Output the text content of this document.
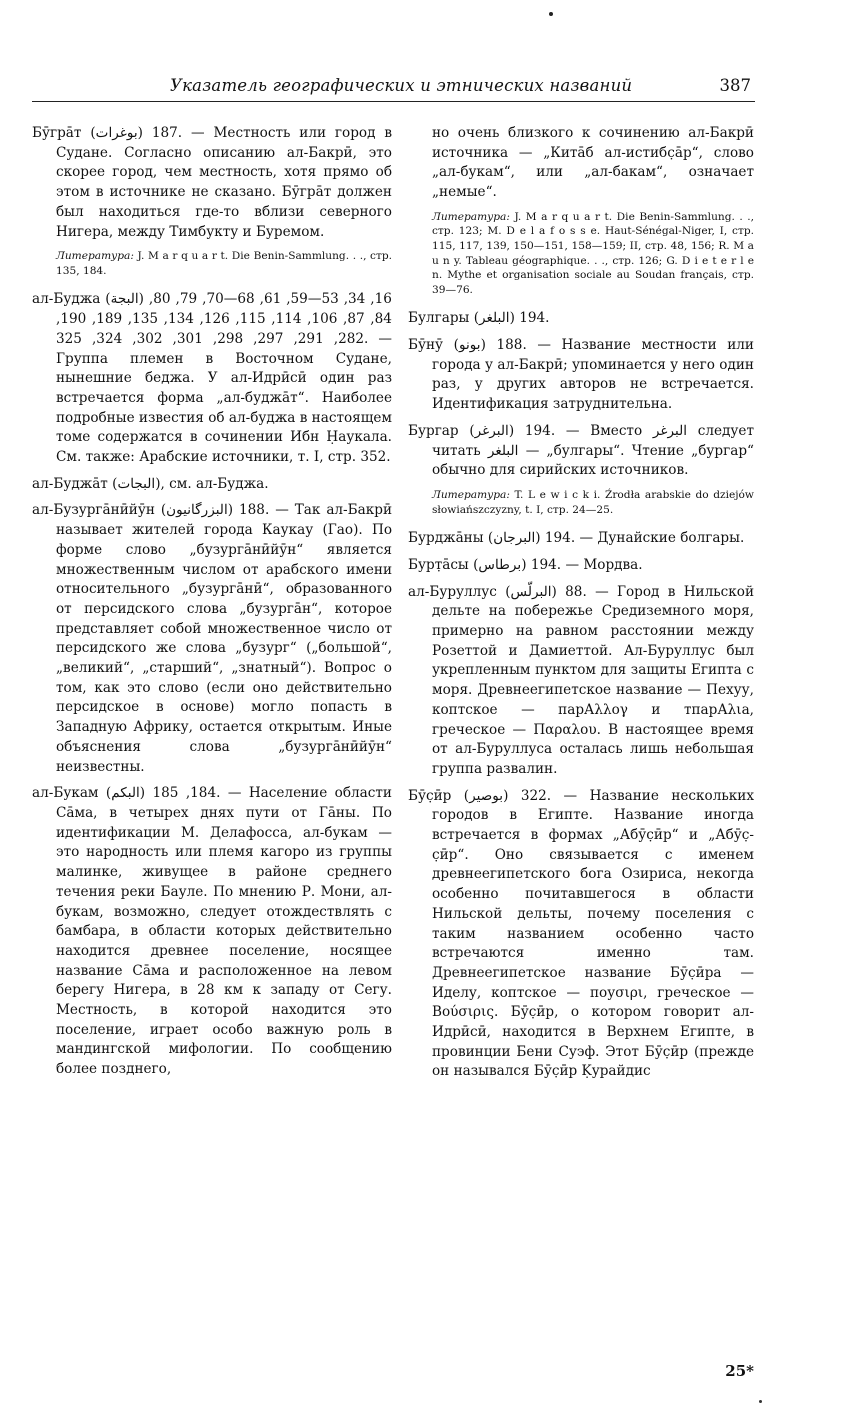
Указатель географических и этнических названий	387

Бӯгра̄т (بوغرات) 187. — Местность или город в Судане. Согласно описанию ал-Бакрӣ, это скорее город, чем местность, хотя прямо об этом в источнике не сказано. Бӯгра̄т должен был находиться где-то вблизи северного Нигера, между Тимбукту и Буремом.

Литература: J. M a r q u a r t. Die Benin-Sammlung. . ., стр. 135, 184.

ал-Буджа (البجة) 16, 34, 53—59, 61, 68—70, 79, 80, 84, 87, 106, 114, 115, 126, 134, 135, 189, 190, 282, 291, 297, 298, 301, 302, 324, 325. — Группа племен в Восточном Судане, нынешние беджа. У ал-Идрӣсӣ один раз встречается форма „ал-буджа̄т“. Наиболее подробные известия об ал-буджа в настоящем томе содержатся в сочинении Ибн Ḥаукала. См. также: Арабские источники, т. I, стр. 352.

ал-Буджа̄т (البجات), см. ал-Буджа.

ал-Бузурга̄нӣйӯн (البزرگانيون) 188. — Так ал-Бакрӣ называет жителей города Каукау (Гао). По форме слово „бузурга̄нӣйӯн“ является множественным числом от арабского имени относительного „бузурга̄нӣ“, образованного от персидского слова „бузурга̄н“, которое представляет собой множественное число от персидского же слова „бузург“ („большой“, „великий“, „старший“, „знатный“). Вопрос о том, как это слово (если оно действительно персидское в основе) могло попасть в Западную Африку, остается открытым. Иные объяснения слова „бузурга̄нӣйӯн“ неизвестны.

ал-Букам (البكم) 184, 185. — Население области Са̄ма, в четырех днях пути от Га̄ны. По идентификации М. Делафосса, ал-букам — это народность или племя кагоро из группы малинке, живущее в районе среднего течения реки Бауле. По мнению Р. Мони, ал-букам, возможно, следует отождествлять с бамбара, в области которых действительно находится древнее поселение, носящее название Са̄ма и расположенное на левом берегу Нигера, в 28 км к западу от Сегу. Местность, в которой находится это поселение, играет особо важную роль в мандингской мифологии. По сообщению более позднего,

но очень близкого к сочинению ал-Бакрӣ источника — „Кита̄б ал-истибс̣а̄р“, слово „ал-букам“, или „ал-бакам“, означает „немые“.

Литература: J. M a r q u a r t. Die Benin-Sammlung. . ., стр. 123; M. D e l a f o s s e. Haut-Sénégal-Niger, I, стр. 115, 117, 139, 150—151, 158—159; II, стр. 48, 156; R. M a u n y. Tableau géographique. . ., стр. 126; G. D i e t e r l e n. Mythe et organisation sociale au Soudan français, стр. 39—76.

Булгары (البلغر) 194.

Бӯнӯ (بونو) 188. — Название местности или города у ал-Бакрӣ; упоминается у него один раз, у других авторов не встречается. Идентификация затруднительна.

Бургар (البرغر) 194. — Вместо البرغر следует читать البلغر — „булгары“. Чтение „бургар“ обычно для сирийских источников.

Литература: T. L e w i c k i. Źrodła arabskie do dziejów słowiańszczyzny, t. I, стр. 24—25.

Бурджа̄ны (البرجان) 194. — Дунайские болгары.

Бурт̣а̄сы (برطاس) 194. — Мордва.

ал-Буруллус (البرلّس) 88. — Город в Нильской дельте на побережье Средиземного моря, примерно на равном расстоянии между Розеттой и Дамиеттой. Ал-Буруллус был укрепленным пунктом для защиты Египта с моря. Древнеегипетское название — Пехуу, коптское — парАλλоγ и тпарАλιа, греческое — Παραλου. В настоящее время от ал-Буруллуса осталась лишь небольшая группа развалин.

Бӯс̣ӣр (بوصير) 322. — Название нескольких городов в Египте. Название иногда встречается в формах „Абӯс̣ӣр“ и „Абӯс̣-с̣ӣр“. Оно связывается с именем древнеегипетского бога Озириса, некогда особенно почитавшегося в области Нильской дельты, почему поселения с таким названием особенно часто встречаются именно там. Древнеегипетское название Бӯс̣ӣра — Иделу, коптское — поуσιρι, греческое — Βούσιρις. Бӯс̣ӣр, о котором говорит ал-Идрӣсӣ, находится в Верхнем Египте, в провинции Бени Суэф. Этот Бӯс̣ӣр (прежде он назывался Бӯс̣ӣр Ḳурайдис

25*
